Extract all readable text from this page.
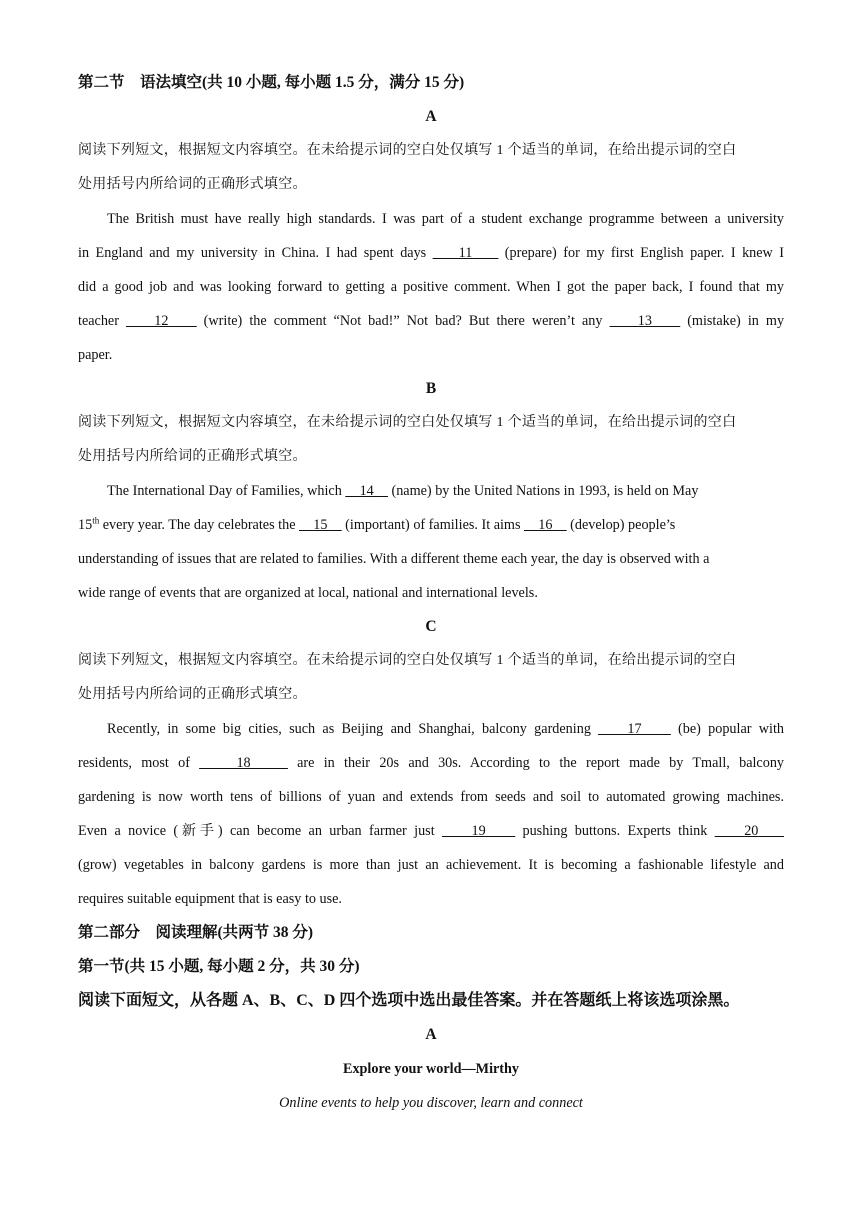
第二节　语法填空(共 10 小题, 每小题 1.5 分，满分 15 分)
A
阅读下列短文，根据短文内容填空。在未给提示词的空白处仅填写 1 个适当的单词，在给出提示词的空白
处用括号内所给词的正确形式填空。
The British must have really high standards. I was part of a student exchange programme between a university
in England and my university in China. I had spent days 11 (prepare) for my first English paper. I knew I
did a good job and was looking forward to getting a positive comment. When I got the paper back, I found that my
teacher 12 (write) the comment “Not bad!” Not bad? But there weren’t any 13 (mistake) in my
paper.
B
阅读下列短文，根据短文内容填空，在未给提示词的空白处仅填写 1 个适当的单词，在给出提示词的空白
处用括号内所给词的正确形式填空。
The International Day of Families, which 14 (name) by the United Nations in 1993, is held on May
15th every year. The day celebrates the 15 (important) of families. It aims 16 (develop) people’s
understanding of issues that are related to families. With a different theme each year, the day is observed with a
wide range of events that are organized at local, national and international levels.
C
阅读下列短文，根据短文内容填空。在未给提示词的空白处仅填写 1 个适当的单词，在给出提示词的空白
处用括号内所给词的正确形式填空。
Recently, in some big cities, such as Beijing and Shanghai, balcony gardening 17 (be) popular with
residents, most of	18	are in their 20s and 30s. According to the report made by Tmall, balcony
gardening is now worth tens of billions of yuan and extends from seeds and soil to automated growing machines.
Even a novice (新手) can become an urban farmer just 19 pushing buttons. Experts think 20
(grow) vegetables in balcony gardens is more than just an achievement. It is becoming a fashionable lifestyle and
requires suitable equipment that is easy to use.
第二部分　阅读理解(共两节 38 分)
第一节(共 15 小题, 每小题 2 分，共 30 分)
阅读下面短文，从各题 A、B、C、D 四个选项中选出最佳答案。并在答题纸上将该选项涂黑。
A
Explore your world—Mirthy
Online events to help you discover, learn and connect
